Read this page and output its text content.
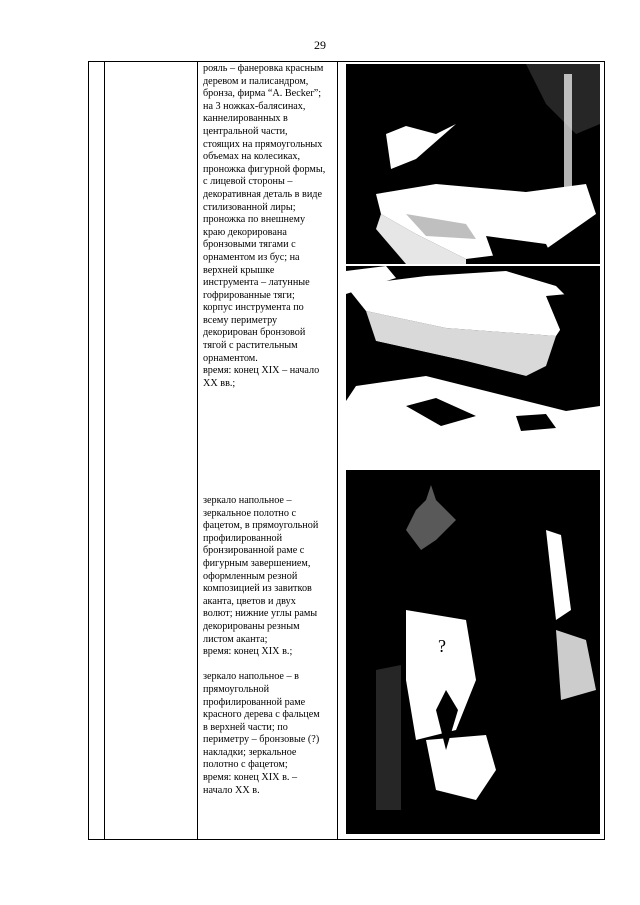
29

рояль – фанеровка красным

деревом и палисандром,

бронза, фирма “A. Becker”;

на 3 ножках-балясинах,

каннелированных в

центральной части,

стоящих на прямоугольных

объемах на колесиках,

проножка фигурной формы,

с лицевой стороны –

декоративная деталь в виде

стилизованной лиры;

проножка по внешнему

краю декорирована

бронзовыми тягами с

орнаментом из бус; на

верхней крышке

инструмента – латунные

гофрированные тяги;

корпус инструмента по

всему периметру

декорирован бронзовой

тягой с растительным

орнаментом.

время: конец XIX – начало

XX вв.;

зеркало напольное –

зеркальное полотно с

фацетом, в прямоугольной

профилированной

бронзированной раме с

фигурным завершением,

оформленным резной

композицией из завитков

аканта, цветов и двух

волют; нижние углы рамы

декорированы резным

листом аканта;

время: конец XIX в.;

зеркало напольное – в

прямоугольной

профилированной раме

красного дерева с фальцем

в верхней части; по

периметру – бронзовые (?)

накладки; зеркальное

полотно с фацетом;

время: конец XIX в. –

начало XX в.

?
